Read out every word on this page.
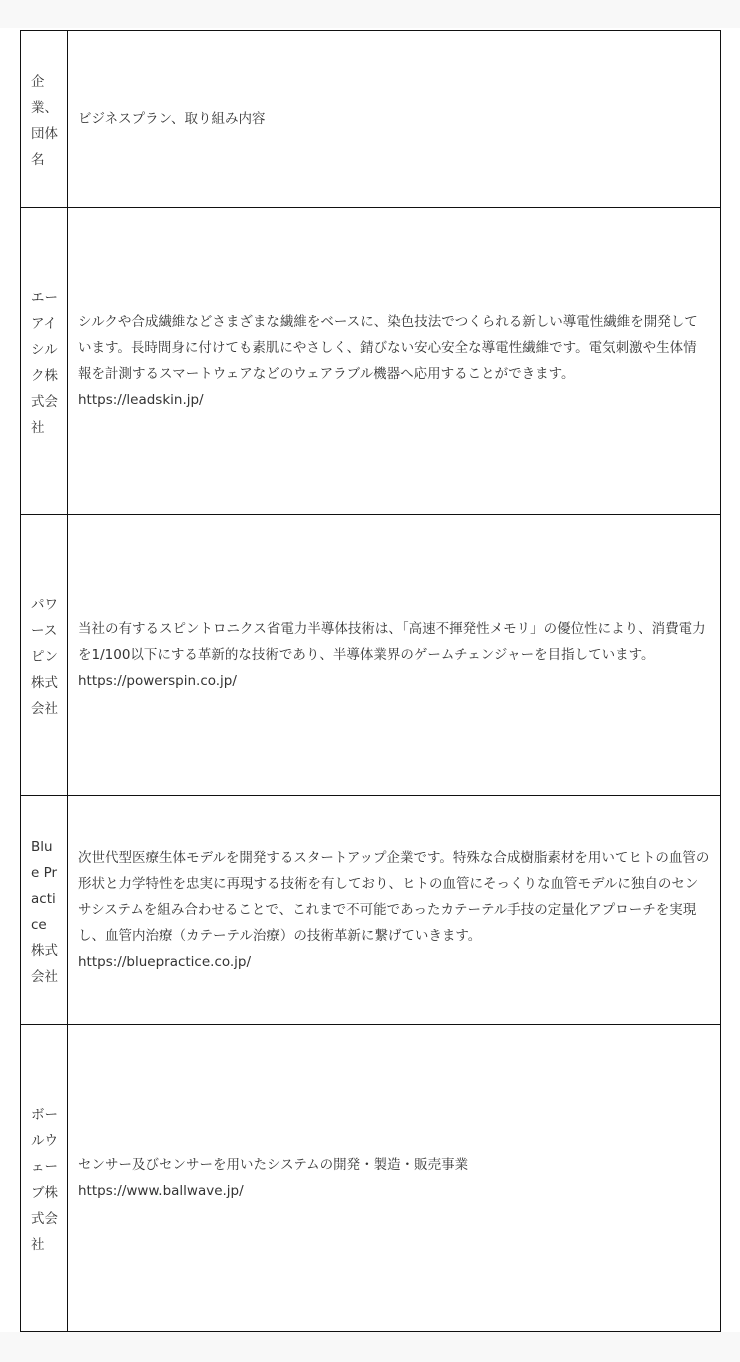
企業、団体名	ビジネスプラン、取り組み内容

エーアイシルク株式会社	シルクや合成繊維などさまざまな繊維をベースに、染色技法でつくられる新しい導電性繊維を開発しています。長時間身に付けても素肌にやさしく、錆びない安心安全な導電性繊維です。電気刺激や生体情報を計測するスマートウェアなどのウェアラブル機器へ応用することができます。
https://leadskin.jp/

パワースピン株式会社	当社の有するスピントロニクス省電力半導体技術は、「高速不揮発性メモリ」の優位性により、消費電力を1/100以下にする革新的な技術であり、半導体業界のゲームチェンジャーを目指しています。
https://powerspin.co.jp/

Blue Practice株式会社	次世代型医療生体モデルを開発するスタートアップ企業です。特殊な合成樹脂素材を用いてヒトの血管の形状と力学特性を忠実に再現する技術を有しており、ヒトの血管にそっくりな血管モデルに独自のセンサシステムを組み合わせることで、これまで不可能であったカテーテル手技の定量化アプローチを実現し、血管内治療（カテーテル治療）の技術革新に繋げていきます。
https://bluepractice.co.jp/

ボールウェーブ株式会社	センサー及びセンサーを用いたシステムの開発・製造・販売事業
https://www.ballwave.jp/
